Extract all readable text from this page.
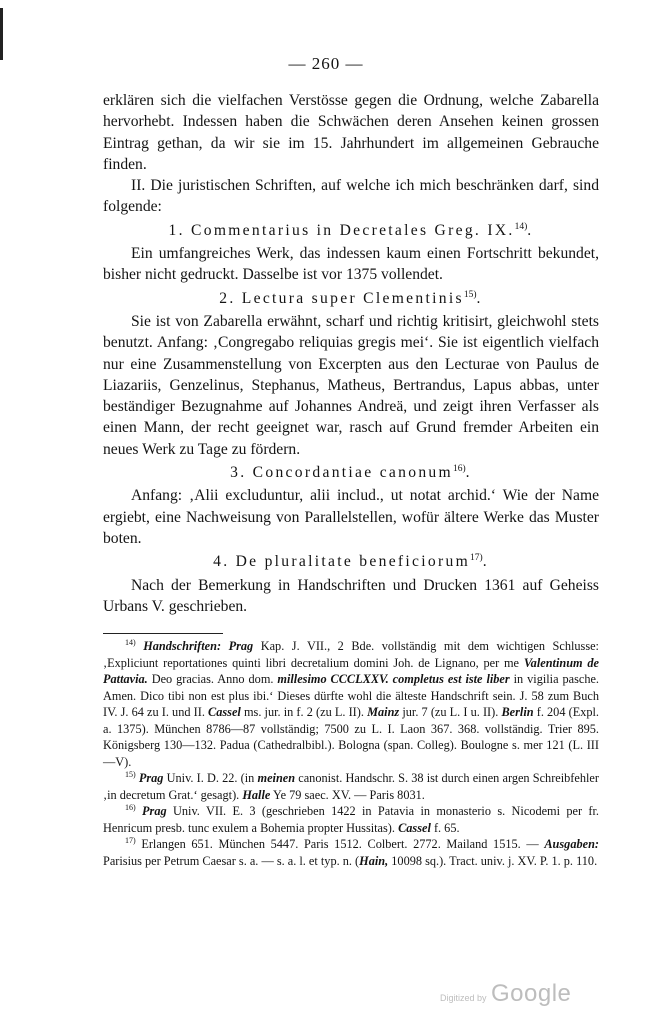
— 260 —

erklären sich die vielfachen Verstösse gegen die Ordnung, welche Zabarella hervorhebt. Indessen haben die Schwächen deren Ansehen keinen grossen Eintrag gethan, da wir sie im 15. Jahrhundert im allgemeinen Gebrauche finden.

II. Die juristischen Schriften, auf welche ich mich beschränken darf, sind folgende:

1. Commentarius in Decretales Greg. IX.$^{14)}$.

Ein umfangreiches Werk, das indessen kaum einen Fortschritt bekundet, bisher nicht gedruckt. Dasselbe ist vor 1375 vollendet.

2. Lectura super Clementinis$^{15)}$.

Sie ist von Zabarella erwähnt, scharf und richtig kritisirt, gleichwohl stets benutzt. Anfang: ‚Congregabo reliquias gregis mei‘. Sie ist eigentlich vielfach nur eine Zusammenstellung von Excerpten aus den Lecturae von Paulus de Liazariis, Genzelinus, Stephanus, Matheus, Bertrandus, Lapus abbas, unter beständiger Bezugnahme auf Johannes Andreä, und zeigt ihren Verfasser als einen Mann, der recht geeignet war, rasch auf Grund fremder Arbeiten ein neues Werk zu Tage zu fördern.

3. Concordantiae canonum$^{16)}$.

Anfang: ‚Alii excluduntur, alii includ., ut notat archid.‘ Wie der Name ergiebt, eine Nachweisung von Parallelstellen, wofür ältere Werke das Muster boten.

4. De pluralitate beneficiorum$^{17)}$.

Nach der Bemerkung in Handschriften und Drucken 1361 auf Geheiss Urbans V. geschrieben.

$^{14)}$ Handschriften: Prag Kap. J. VII., 2 Bde. vollständig mit dem wichtigen Schlusse: ‚Expliciunt reportationes quinti libri decretalium domini Joh. de Lignano, per me Valentinum de Pattavia. Deo gracias. Anno dom. millesimo CCCLXXV. completus est iste liber in vigilia pasche. Amen. Dico tibi non est plus ibi.‘ Dieses dürfte wohl die älteste Handschrift sein. J. 58 zum Buch IV. J. 64 zu I. und II. Cassel ms. jur. in f. 2 (zu L. II). Mainz jur. 7 (zu L. I u. II). Berlin f. 204 (Expl. a. 1375). München 8786—87 vollständig; 7500 zu L. I. Laon 367. 368. vollständig. Trier 895. Königsberg 130—132. Padua (Cathedralbibl.). Bologna (span. Colleg). Boulogne s. mer 121 (L. III—V).

$^{15)}$ Prag Univ. I. D. 22. (in meinen canonist. Handschr. S. 38 ist durch einen argen Schreibfehler ‚in decretum Grat.‘ gesagt). Halle Ye 79 saec. XV. — Paris 8031.

$^{16)}$ Prag Univ. VII. E. 3 (geschrieben 1422 in Patavia in monasterio s. Nicodemi per fr. Henricum presb. tunc exulem a Bohemia propter Hussitas). Cassel f. 65.

$^{17)}$ Erlangen 651. München 5447. Paris 1512. Colbert. 2772. Mailand 1515. — Ausgaben: Parisius per Petrum Caesar s. a. — s. a. l. et typ. n. (Hain, 10098 sq.). Tract. univ. j. XV. P. 1. p. 110.

Digitized by Google
